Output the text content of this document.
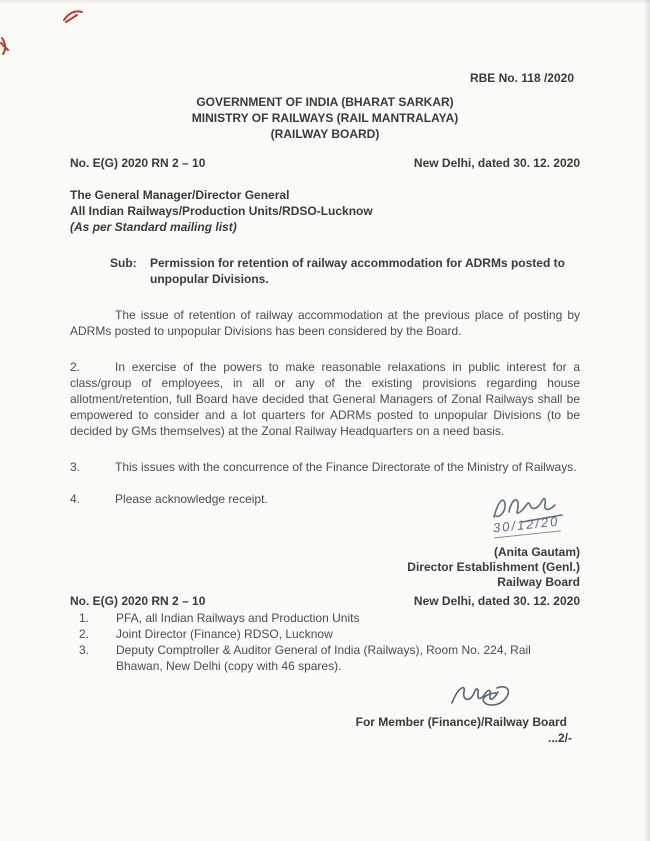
RBE No. 118 /2020
GOVERNMENT OF INDIA (BHARAT SARKAR)
MINISTRY OF RAILWAYS (RAIL MANTRALAYA)
(RAILWAY BOARD)
No. E(G) 2020 RN 2 – 10	New Delhi, dated 30. 12. 2020
The General Manager/Director General
All Indian Railways/Production Units/RDSO-Lucknow
(As per Standard mailing list)
Sub:	Permission for retention of railway accommodation for ADRMs posted to unpopular Divisions.

The issue of retention of railway accommodation at the previous place of posting by ADRMs posted to unpopular Divisions has been considered by the Board.

2.	In exercise of the powers to make reasonable relaxations in public interest for a class/group of employees, in all or any of the existing provisions regarding house allotment/retention, full Board have decided that General Managers of Zonal Railways shall be empowered to consider and a lot quarters for ADRMs posted to unpopular Divisions (to be decided by GMs themselves) at the Zonal Railway Headquarters on a need basis.

3.	This issues with the concurrence of the Finance Directorate of the Ministry of Railways.

4.	Please acknowledge receipt.

30/12/20
(Anita Gautam)
Director Establishment (Genl.)
Railway Board
No. E(G) 2020 RN 2 – 10	New Delhi, dated 30. 12. 2020
1.	PFA, all Indian Railways and Production Units
2.	Joint Director (Finance) RDSO, Lucknow
3.	Deputy Comptroller & Auditor General of India (Railways), Room No. 224, Rail Bhawan, New Delhi (copy with 46 spares).
For Member (Finance)/Railway Board
...2/-
